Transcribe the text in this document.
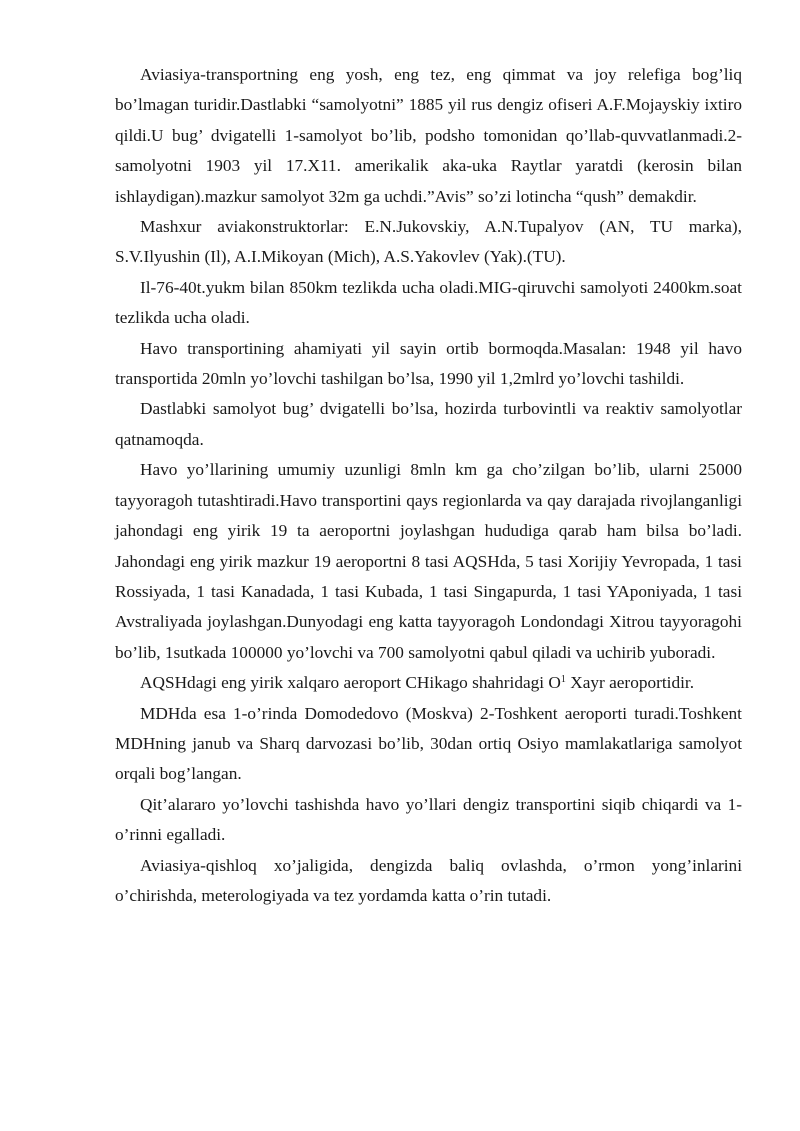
Aviasiya-transportning eng yosh, eng tez, eng qimmat va joy relefiga bog’liq bo’lmagan turidir.Dastlabki “samolyotni” 1885 yil rus dengiz ofiseri A.F.Mojayskiy ixtiro qildi.U bug’ dvigatelli 1-samolyot bo’lib, podsho tomonidan qo’llab-quvvatlanmadi.2-samolyotni 1903 yil 17.X11. amerikalik aka-uka Raytlar yaratdi (kerosin bilan ishlaydigan).mazkur samolyot 32m ga uchdi.”Avis” so’zi lotincha “qush” demakdir.

Mashxur aviakonstruktorlar: E.N.Jukovskiy, A.N.Tupalyov (AN, TU marka), S.V.Ilyushin (Il), A.I.Mikoyan (Mich), A.S.Yakovlev (Yak).(TU).

Il-76-40t.yukm bilan 850km tezlikda ucha oladi.MIG-qiruvchi samolyoti 2400km.soat tezlikda ucha oladi.

Havo transportining ahamiyati yil sayin ortib bormoqda.Masalan: 1948 yil havo transportida 20mln yo’lovchi tashilgan bo’lsa, 1990 yil 1,2mlrd yo’lovchi tashildi.

Dastlabki samolyot bug’ dvigatelli bo’lsa, hozirda turbovintli va reaktiv samolyotlar qatnamoqda.

Havo yo’llarining umumiy uzunligi 8mln km ga cho’zilgan bo’lib, ularni 25000 tayyoragoh tutashtiradi.Havo transportini qays regionlarda va qay darajada rivojlanganligi jahondagi eng yirik 19 ta aeroportni joylashgan hududiga qarab ham bilsa bo’ladi. Jahondagi eng yirik mazkur 19 aeroportni 8 tasi AQSHda, 5 tasi Xorijiy Yevropada, 1 tasi Rossiyada, 1 tasi Kanadada, 1 tasi Kubada, 1 tasi Singapurda, 1 tasi YAponiyada, 1 tasi Avstraliyada joylashgan.Dunyodagi eng katta tayyoragoh Londondagi Xitrou tayyoragohi bo’lib, 1sutkada 100000 yo’lovchi va 700 samolyotni qabul qiladi va uchirib yuboradi.

AQSHdagi eng yirik xalqaro aeroport CHikago shahridagi $O^1$ Xayr aeroportidir.

MDHda esa 1-o’rinda Domodedovo (Moskva) 2-Toshkent aeroporti turadi.Toshkent MDHning janub va Sharq darvozasi bo’lib, 30dan ortiq Osiyo mamlakatlariga samolyot orqali bog’langan.

Qit’alararo yo’lovchi tashishda havo yo’llari dengiz transportini siqib chiqardi va 1-o’rinni egalladi.

Aviasiya-qishloq xo’jaligida, dengizda baliq ovlashda, o’rmon yong’inlarini o’chirishda, meterologiyada va tez yordamda katta o’rin tutadi.
